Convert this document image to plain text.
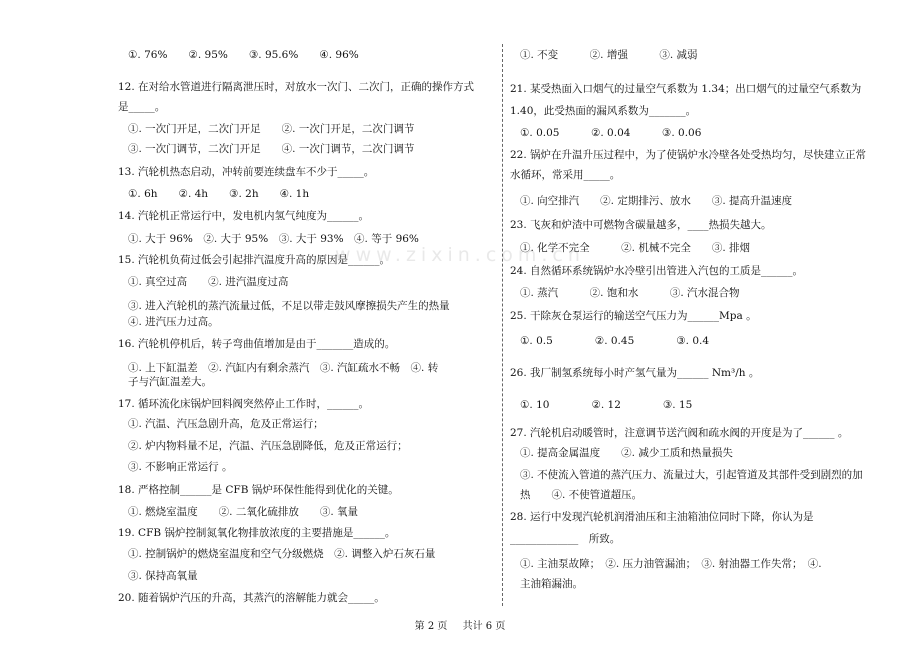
①. 76%　　②. 95%　　③. 95.6%　　④. 96%
12. 在对给水管道进行隔离泄压时，对放水一次门、二次门，正确的操作方式
是_____。
①. 一次门开足，二次门开足　　②. 一次门开足，二次门调节
③. 一次门调节，二次门开足　　④. 一次门调节，二次门调节
13. 汽轮机热态启动，冲转前要连续盘车不少于_____。
①. 6h　　②. 4h　　③. 2h　　④. 1h
14. 汽轮机正常运行中，发电机内氢气纯度为______。
①. 大于 96%　②. 大于 95%　③. 大于 93%　④. 等于 96%
15. 汽轮机负荷过低会引起排汽温度升高的原因是______。
①. 真空过高　　②. 进汽温度过高
③. 进入汽轮机的蒸汽流量过低，不足以带走鼓风摩擦损失产生的热量
④. 进汽压力过高。
16. 汽轮机停机后，转子弯曲值增加是由于_______造成的。
①. 上下缸温差　②. 汽缸内有剩余蒸汽　③. 汽缸疏水不畅　④. 转
子与汽缸温差大。
17. 循环流化床锅炉回料阀突然停止工作时，______。
①. 汽温、汽压急剧升高，危及正常运行；
②. 炉内物料量不足，汽温、汽压急剧降低，危及正常运行；
③. 不影响正常运行 。
18. 严格控制______是 CFB 锅炉环保性能得到优化的关键。
①. 燃烧室温度　　②. 二氧化硫排放　　③. 氧量
19. CFB 锅炉控制氮氧化物排放浓度的主要措施是______。
①. 控制锅炉的燃烧室温度和空气分级燃烧　②. 调整入炉石灰石量
③. 保持高氧量
20. 随着锅炉汽压的升高，其蒸汽的溶解能力就会_____。
①. 不变　　　②. 增强　　　③. 减弱
21. 某受热面入口烟气的过量空气系数为 1.34；出口烟气的过量空气系数为
1.40，此受热面的漏风系数为_______。
①. 0.05　　　②. 0.04　　　③. 0.06
22. 锅炉在升温升压过程中，为了使锅炉水冷壁各处受热均匀，尽快建立正常
水循环，常采用_____。
①. 向空排汽　　②. 定期排污、放水　　③. 提高升温速度
23. 飞灰和炉渣中可燃物含碳量越多，____热损失越大。
①. 化学不完全　　　②. 机械不完全　　③. 排烟
24. 自然循环系统锅炉水冷壁引出管进入汽包的工质是______。
①. 蒸汽　　　②. 饱和水　　　③. 汽水混合物
25. 干除灰仓泵运行的输送空气压力为______Mpa 。
①. 0.5　　　　②. 0.45　　　　③. 0.4
26. 我厂制氢系统每小时产氢气量为______ Nm³/h 。
①. 10　　　　②. 12　　　　③. 15
27. 汽轮机启动暖管时，注意调节送汽阀和疏水阀的开度是为了______ 。
①. 提高金属温度　　②. 减少工质和热量损失
③. 不使流入管道的蒸汽压力、流量过大，引起管道及其部件受到剧烈的加
热　　④. 不使管道超压。
28. 运行中发现汽轮机润滑油压和主油箱油位同时下降，你认为是
_____________　所致。
①. 主油泵故障；　②. 压力油管漏油；　③. 射油器工作失常；　④.
主油箱漏油。
第 2 页 共计 6 页
www.zixin.com.cn
